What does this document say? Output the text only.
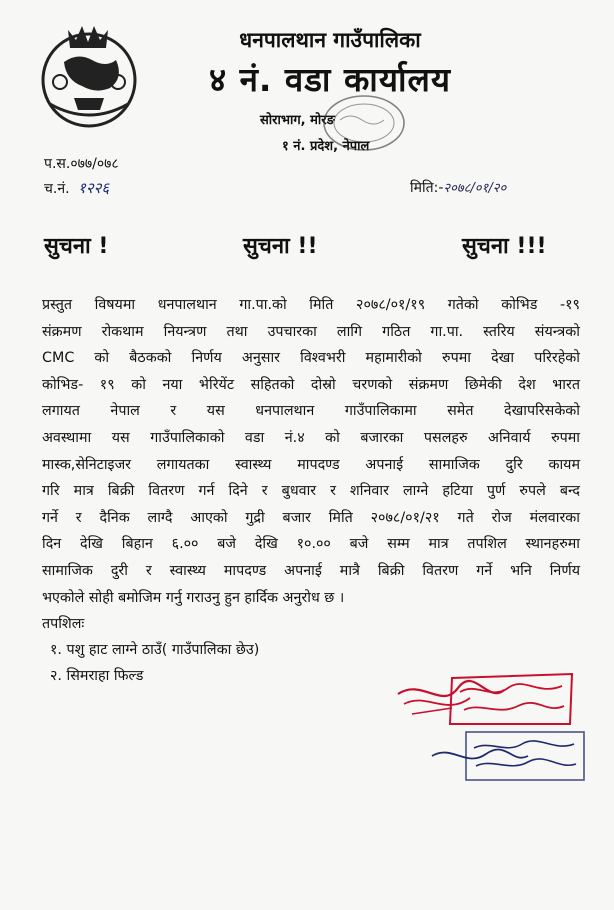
धनपालथान गाउँपालिका
४ नं. वडा कार्यालय
सोराभाग, मोरङ
१ नं. प्रदेश, नेपाल
प.स.०७७/०७८
च.नं. १२२६	मिति:-२०७८/०१/२०
सुचना !	सुचना !!	सुचना !!!
प्रस्तुत विषयमा धनपालथान गा.पा.को मिति २०७८/०१/१९ गतेको कोभिड -१९
संक्रमण रोकथाम नियन्त्रण तथा उपचारका लागि गठित गा.पा. स्तरिय संयन्त्रको
CMC को बैठकको निर्णय अनुसार विश्वभरी महामारीको रुपमा देखा परिरहेको
कोभिड- १९ को नया भेरियेंट सहितको दोस्रो चरणको संक्रमण छिमेकी देश भारत
लगायत नेपाल र यस धनपालथान गाउँपालिकामा समेत देखापरिसकेको
अवस्थामा यस गाउँपालिकाको वडा नं.४ को बजारका पसलहरु अनिवार्य रुपमा
मास्क,सेनिटाइजर लगायतका स्वास्थ्य मापदण्ड अपनाई सामाजिक दुरि कायम
गरि मात्र बिक्री वितरण गर्न दिने र बुधवार र शनिवार लाग्ने हटिया पुर्ण रुपले बन्द
गर्ने र दैनिक लाग्दै आएको गुद्री बजार मिति २०७८/०१/२१ गते रोज मंलवारका
दिन देखि बिहान ६.०० बजे देखि १०.०० बजे सम्म मात्र तपशिल स्थानहरुमा
सामाजिक दुरी र स्वास्थ्य मापदण्ड अपनाई मात्रै बिक्री वितरण गर्ने भनि निर्णय
भएकोले सोही बमोजिम गर्नु गराउनु हुन हार्दिक अनुरोध छ ।
तपशिलः
१. पशु हाट लाग्ने ठाउँ( गाउँपालिका छेउ)
२. सिमराहा फिल्ड
